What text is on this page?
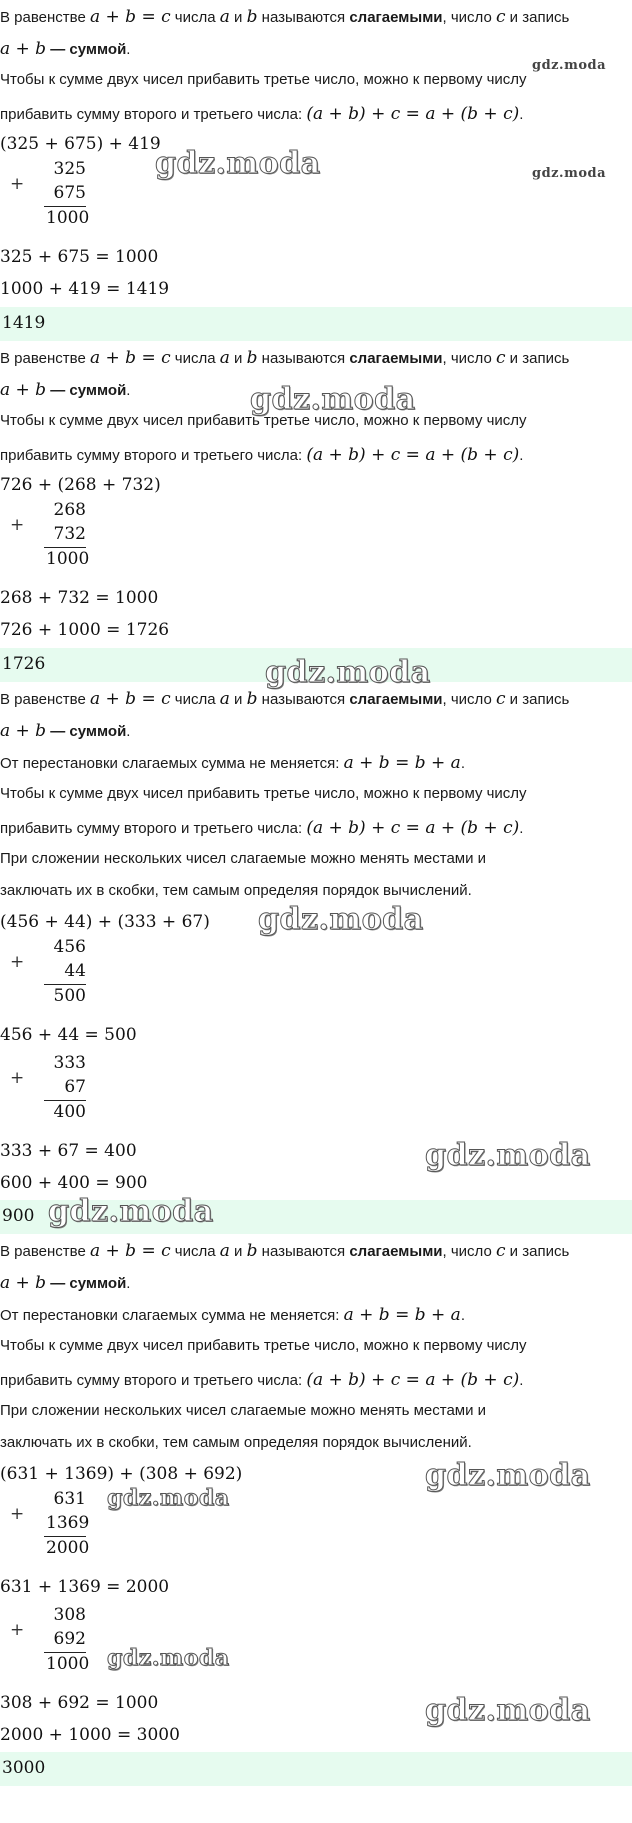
В равенстве a + b = c числа a и b называются слагаемыми, число c и запись
a + b — суммой.
Чтобы к сумме двух чисел прибавить третье число, можно к первому числу
прибавить сумму второго и третьего числа: (a + b) + c = a + (b + c).
(325 + 675) + 419
+
325
675
1000
325 + 675 = 1000
1000 + 419 = 1419
1419
В равенстве a + b = c числа a и b называются слагаемыми, число c и запись
a + b — суммой.
Чтобы к сумме двух чисел прибавить третье число, можно к первому числу
прибавить сумму второго и третьего числа: (a + b) + c = a + (b + c).
726 + (268 + 732)
+
268
732
1000
268 + 732 = 1000
726 + 1000 = 1726
1726
В равенстве a + b = c числа a и b называются слагаемыми, число c и запись
a + b — суммой.
От перестановки слагаемых сумма не меняется: a + b = b + a.
Чтобы к сумме двух чисел прибавить третье число, можно к первому числу
прибавить сумму второго и третьего числа: (a + b) + c = a + (b + c).
При сложении нескольких чисел слагаемые можно менять местами и
заключать их в скобки, тем самым определяя порядок вычислений.
(456 + 44) + (333 + 67)
+
456
44
500
456 + 44 = 500
+
333
67
400
333 + 67 = 400
600 + 400 = 900
900
В равенстве a + b = c числа a и b называются слагаемыми, число c и запись
a + b — суммой.
От перестановки слагаемых сумма не меняется: a + b = b + a.
Чтобы к сумме двух чисел прибавить третье число, можно к первому числу
прибавить сумму второго и третьего числа: (a + b) + c = a + (b + c).
При сложении нескольких чисел слагаемые можно менять местами и
заключать их в скобки, тем самым определяя порядок вычислений.
(631 + 1369) + (308 + 692)
+
631
1369
2000
631 + 1369 = 2000
+
308
692
1000
308 + 692 = 1000
2000 + 1000 = 3000
3000
gdz.moda
gdz.moda	gdz.moda
gdz.moda
gdz.moda
gdz.moda
gdz.moda
gdz.moda
gdz.moda
gdz.moda
gdz.moda
gdz.moda
